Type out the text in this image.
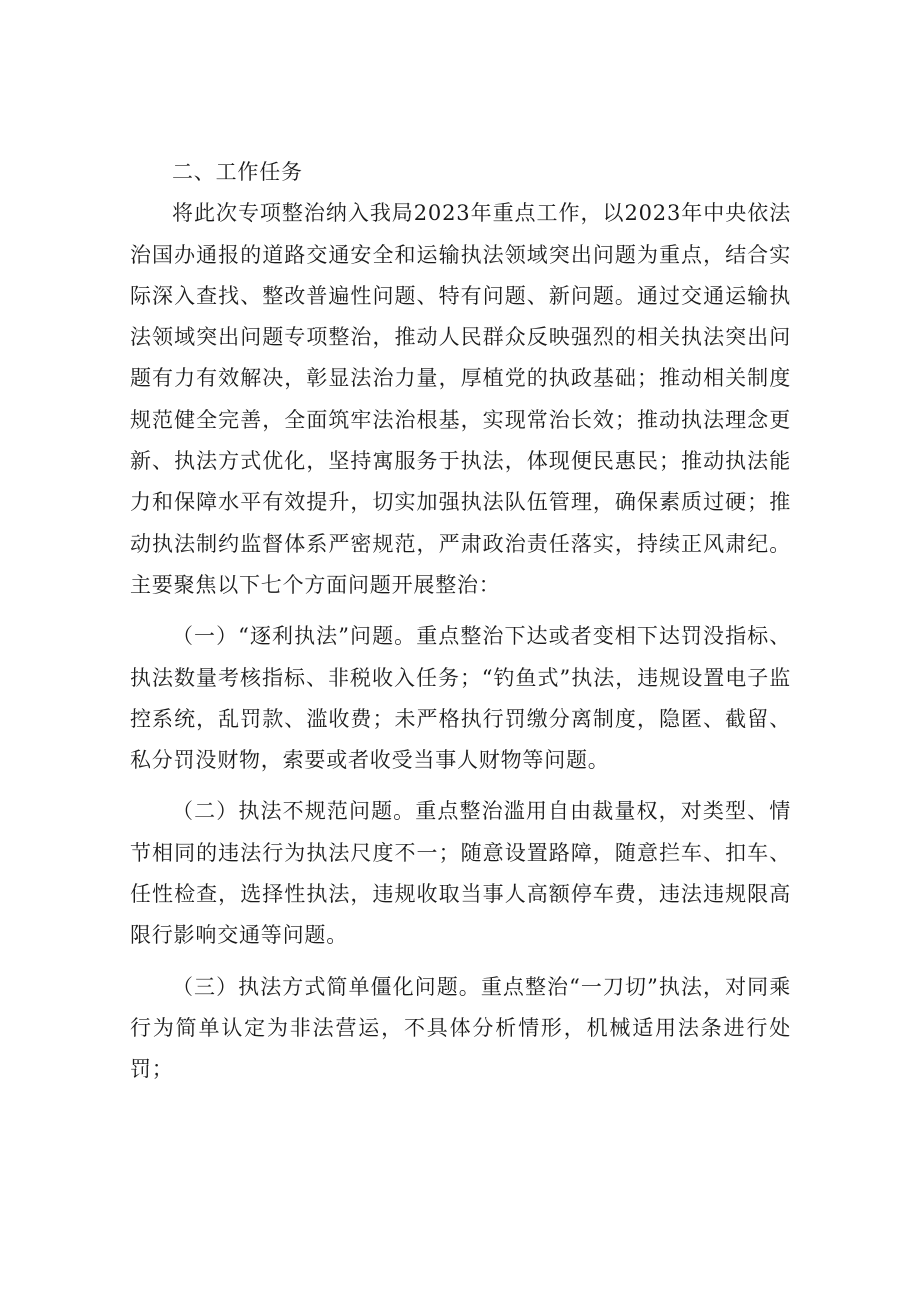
二、工作任务

将此次专项整治纳入我局2023年重点工作，以2023年中央依法治国办通报的道路交通安全和运输执法领域突出问题为重点，结合实际深入查找、整改普遍性问题、特有问题、新问题。通过交通运输执法领域突出问题专项整治，推动人民群众反映强烈的相关执法突出问题有力有效解决，彰显法治力量，厚植党的执政基础；推动相关制度规范健全完善，全面筑牢法治根基，实现常治长效；推动执法理念更新、执法方式优化，坚持寓服务于执法，体现便民惠民；推动执法能力和保障水平有效提升，切实加强执法队伍管理，确保素质过硬；推动执法制约监督体系严密规范，严肃政治责任落实，持续正风肃纪。主要聚焦以下七个方面问题开展整治：

（一）“逐利执法”问题。重点整治下达或者变相下达罚没指标、执法数量考核指标、非税收入任务；“钓鱼式”执法，违规设置电子监控系统，乱罚款、滥收费；未严格执行罚缴分离制度，隐匿、截留、私分罚没财物，索要或者收受当事人财物等问题。

（二）执法不规范问题。重点整治滥用自由裁量权，对类型、情节相同的违法行为执法尺度不一；随意设置路障，随意拦车、扣车、任性检查，选择性执法，违规收取当事人高额停车费，违法违规限高限行影响交通等问题。

（三）执法方式简单僵化问题。重点整治“一刀切”执法，对同乘行为简单认定为非法营运，不具体分析情形，机械适用法条进行处罚；
